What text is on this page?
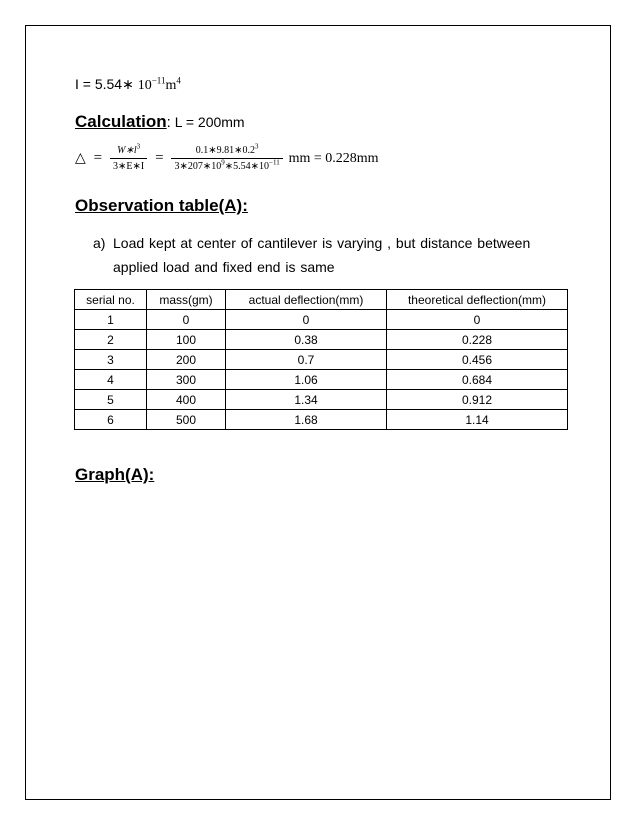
I = 5.54∗ $10^{-11}m^4$
Calculation: L = 200mm
△ = $\frac{W∗l^3}{3∗E∗I} = \frac{0.1∗9.81∗0.2^3}{3∗207∗10^9∗5.54∗10^{-11}}$ mm = 0.228mm
Observation table(A):
a) Load kept at center of cantilever is varying , but distance between
applied load and fixed end is same
serial no.	mass(gm)	actual deflection(mm)	theoretical deflection(mm)
1	0	0	0
2	100	0.38	0.228
3	200	0.7	0.456
4	300	1.06	0.684
5	400	1.34	0.912
6	500	1.68	1.14
Graph(A):
